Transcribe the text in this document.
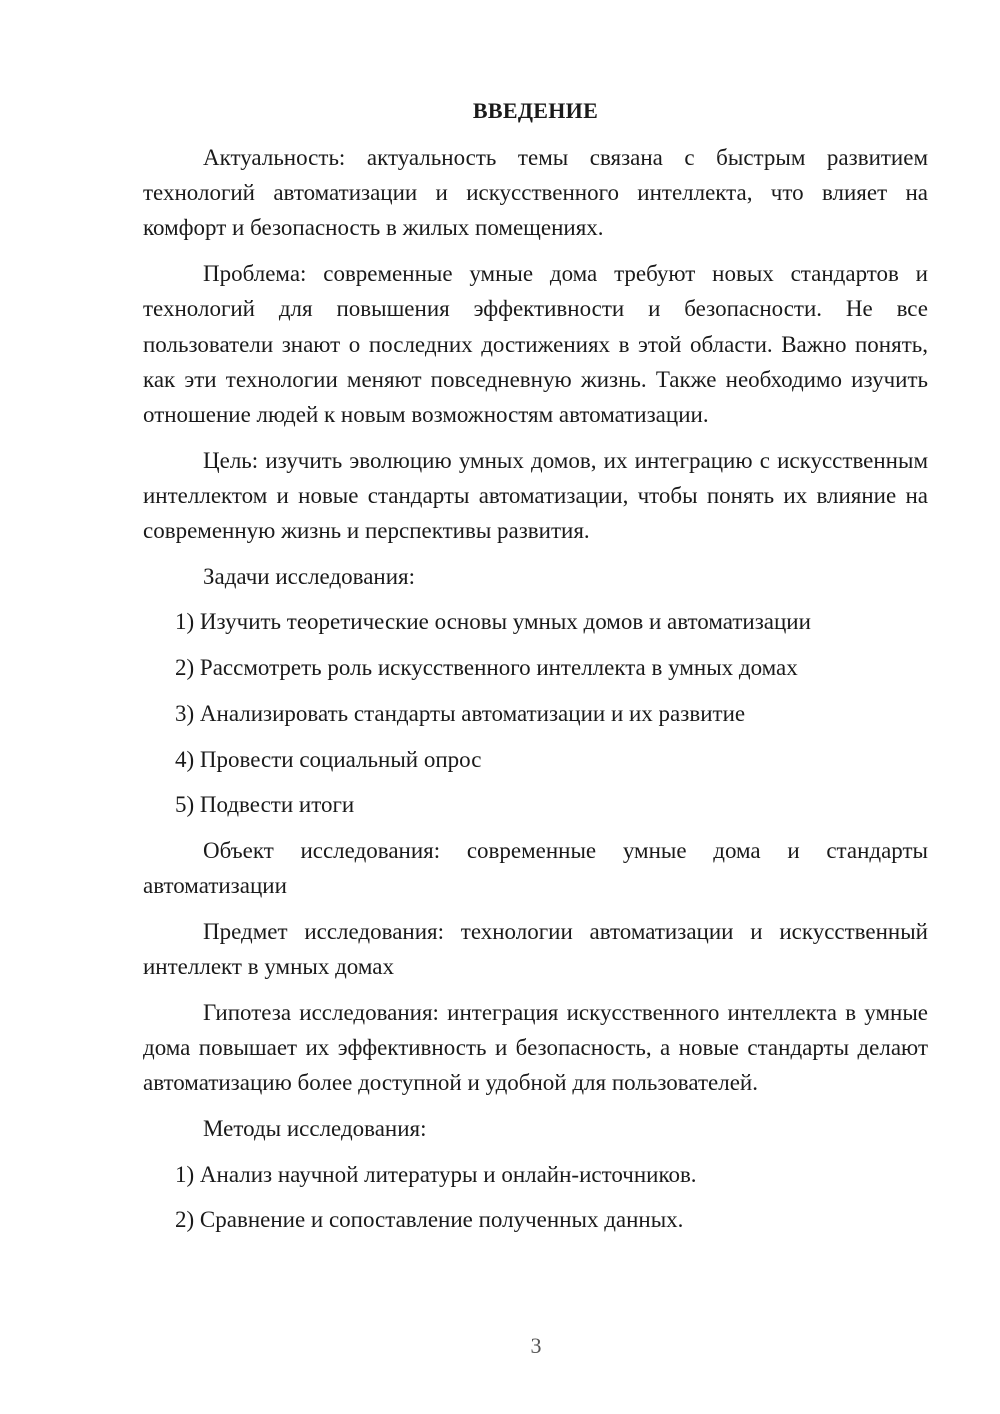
ВВЕДЕНИЕ

Актуальность: актуальность темы связана с быстрым развитием технологий автоматизации и искусственного интеллекта, что влияет на комфорт и безопасность в жилых помещениях.

Проблема: современные умные дома требуют новых стандартов и технологий для повышения эффективности и безопасности. Не все пользователи знают о последних достижениях в этой области. Важно понять, как эти технологии меняют повседневную жизнь. Также необходимо изучить отношение людей к новым возможностям автоматизации.

Цель: изучить эволюцию умных домов, их интеграцию с искусственным интеллектом и новые стандарты автоматизации, чтобы понять их влияние на современную жизнь и перспективы развития.

Задачи исследования:

1) Изучить теоретические основы умных домов и автоматизации
2) Рассмотреть роль искусственного интеллекта в умных домах
3) Анализировать стандарты автоматизации и их развитие
4) Провести социальный опрос
5) Подвести итоги

Объект исследования: современные умные дома и стандарты автоматизации

Предмет исследования: технологии автоматизации и искусственный интеллект в умных домах

Гипотеза исследования: интеграция искусственного интеллекта в умные дома повышает их эффективность и безопасность, а новые стандарты делают автоматизацию более доступной и удобной для пользователей.

Методы исследования:

1) Анализ научной литературы и онлайн-источников.
2) Сравнение и сопоставление полученных данных.
3
